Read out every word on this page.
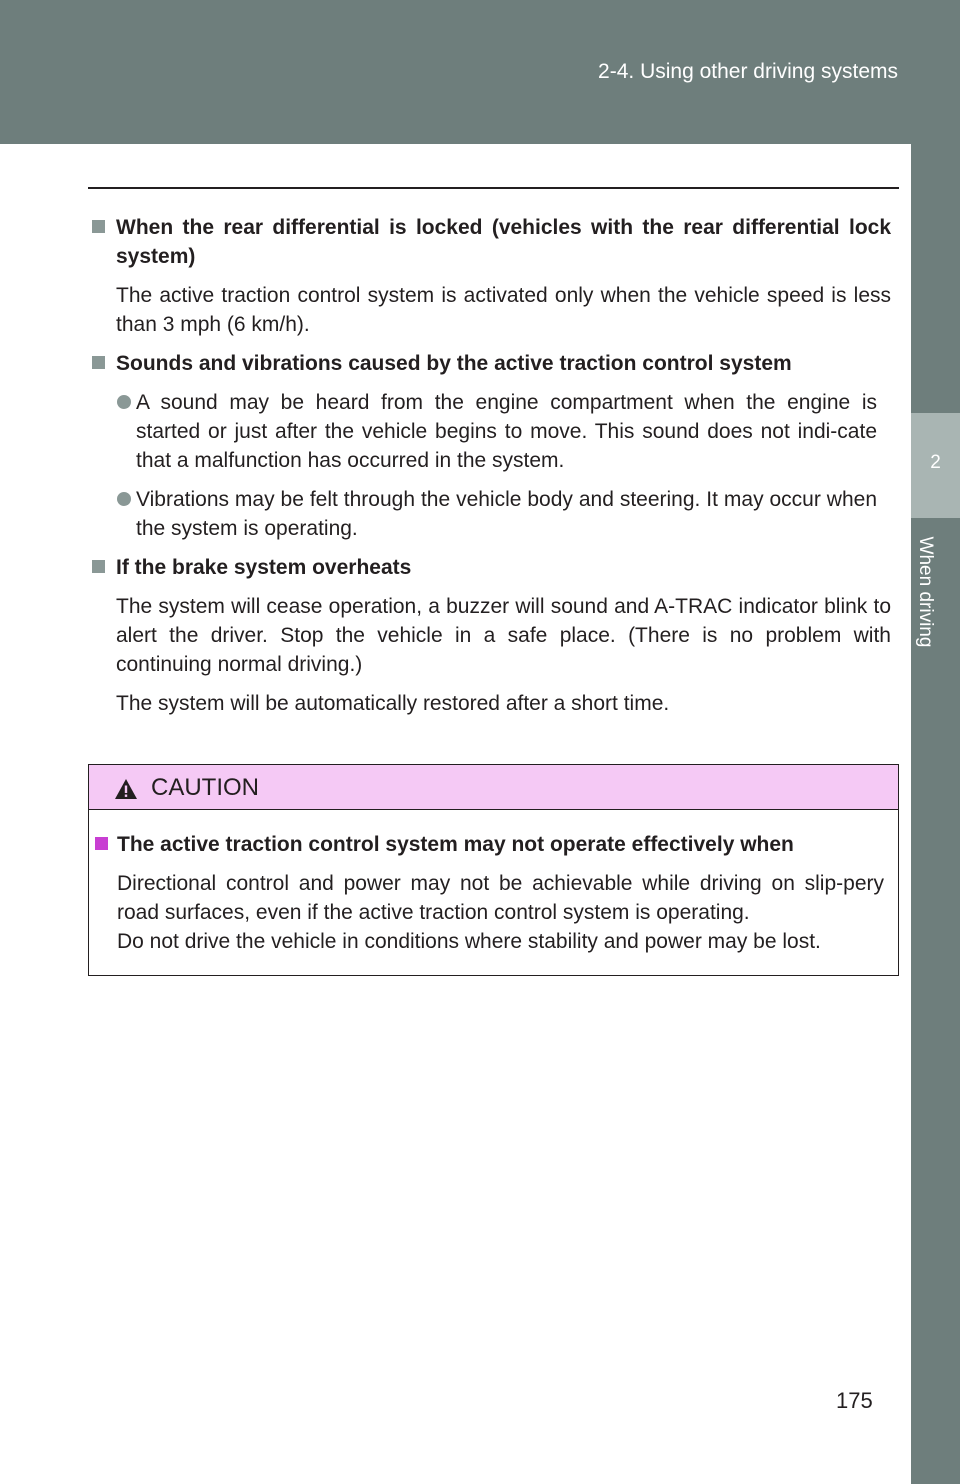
2-4. Using other driving systems
2
When driving
When the rear differential is locked (vehicles with the rear differential lock system)
The active traction control system is activated only when the vehicle speed is less than 3 mph (6 km/h).
Sounds and vibrations caused by the active traction control system
A sound may be heard from the engine compartment when the engine is started or just after the vehicle begins to move. This sound does not indi-cate that a malfunction has occurred in the system.
Vibrations may be felt through the vehicle body and steering. It may occur when the system is operating.
If the brake system overheats
The system will cease operation, a buzzer will sound and A-TRAC indicator blink to alert the driver. Stop the vehicle in a safe place. (There is no problem with continuing normal driving.)
The system will be automatically restored after a short time.
CAUTION
The active traction control system may not operate effectively when
Directional control and power may not be achievable while driving on slip-pery road surfaces, even if the active traction control system is operating.
Do not drive the vehicle in conditions where stability and power may be lost.
175
